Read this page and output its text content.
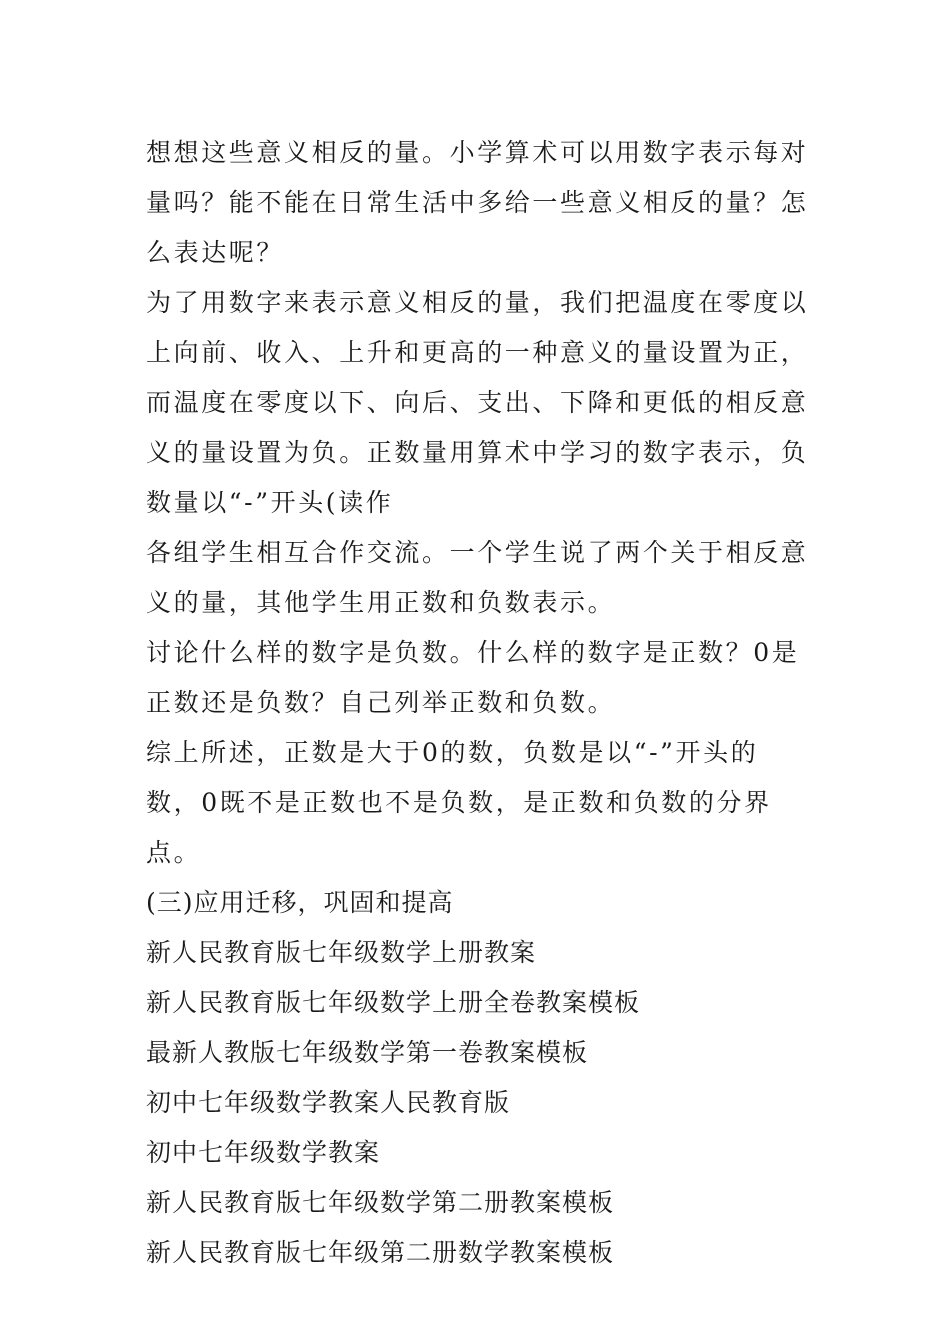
想想这些意义相反的量。小学算术可以用数字表示每对量吗？能不能在日常生活中多给一些意义相反的量？怎么表达呢？

为了用数字来表示意义相反的量，我们把温度在零度以上向前、收入、上升和更高的一种意义的量设置为正，而温度在零度以下、向后、支出、下降和更低的相反意义的量设置为负。正数量用算术中学习的数字表示，负数量以“-”开头(读作

各组学生相互合作交流。一个学生说了两个关于相反意义的量，其他学生用正数和负数表示。

讨论什么样的数字是负数。什么样的数字是正数？0是正数还是负数？自己列举正数和负数。

综上所述，正数是大于0的数，负数是以“-”开头的数，0既不是正数也不是负数，是正数和负数的分界点。

(三)应用迁移，巩固和提高

新人民教育版七年级数学上册教案

新人民教育版七年级数学上册全卷教案模板

最新人教版七年级数学第一卷教案模板

初中七年级数学教案人民教育版

初中七年级数学教案

新人民教育版七年级数学第二册教案模板

新人民教育版七年级第二册数学教案模板
